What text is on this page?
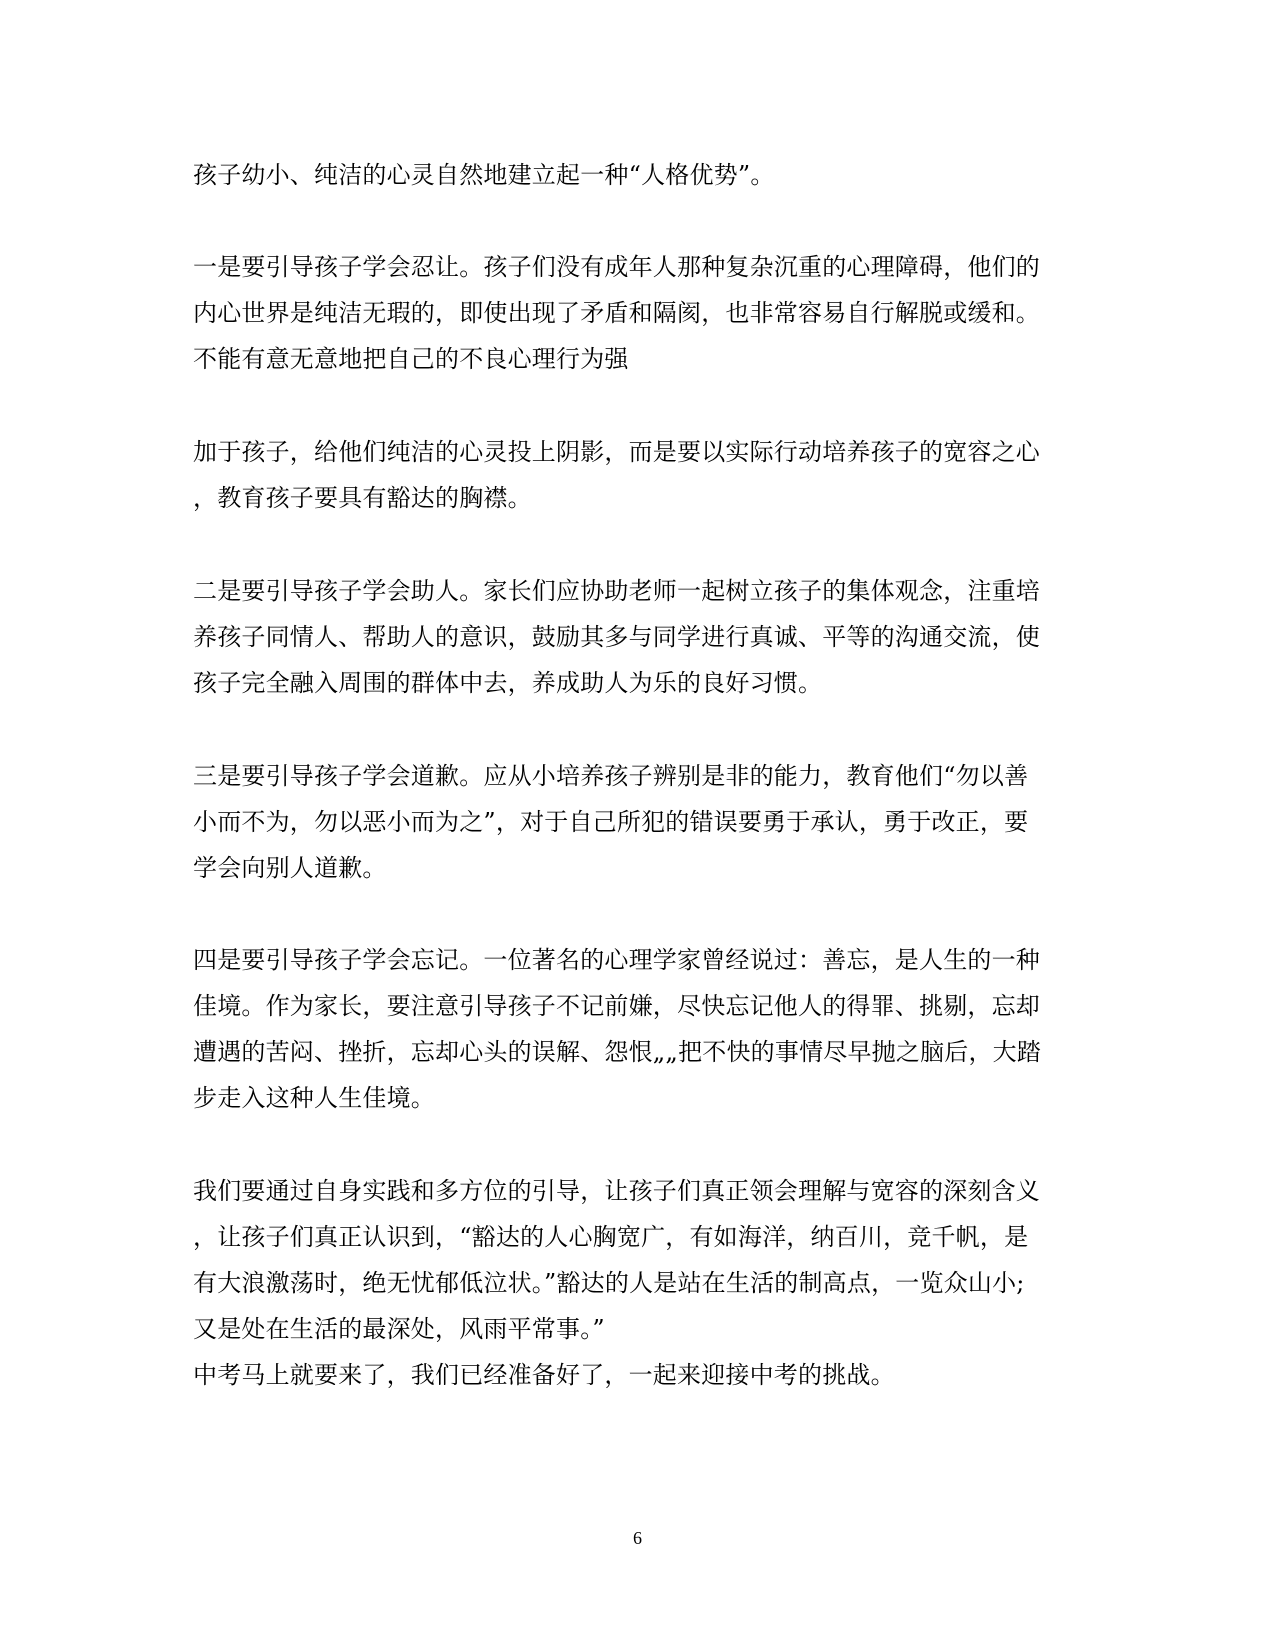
孩子幼小、纯洁的心灵自然地建立起一种“人格优势”。
一是要引导孩子学会忍让。孩子们没有成年人那种复杂沉重的心理障碍，他们的
内心世界是纯洁无瑕的，即使出现了矛盾和隔阂，也非常容易自行解脱或缓和。
不能有意无意地把自己的不良心理行为强
加于孩子，给他们纯洁的心灵投上阴影，而是要以实际行动培养孩子的宽容之心
，教育孩子要具有豁达的胸襟。
二是要引导孩子学会助人。家长们应协助老师一起树立孩子的集体观念，注重培
养孩子同情人、帮助人的意识，鼓励其多与同学进行真诚、平等的沟通交流，使
孩子完全融入周围的群体中去，养成助人为乐的良好习惯。
三是要引导孩子学会道歉。应从小培养孩子辨别是非的能力，教育他们“勿以善
小而不为，勿以恶小而为之”，对于自己所犯的错误要勇于承认，勇于改正，要
学会向别人道歉。
四是要引导孩子学会忘记。一位著名的心理学家曾经说过：善忘，是人生的一种
佳境。作为家长，要注意引导孩子不记前嫌，尽快忘记他人的得罪、挑剔，忘却
遭遇的苦闷、挫折，忘却心头的误解、怨恨„„把不快的事情尽早抛之脑后，大踏
步走入这种人生佳境。
我们要通过自身实践和多方位的引导，让孩子们真正领会理解与宽容的深刻含义
，让孩子们真正认识到，“豁达的人心胸宽广，有如海洋，纳百川，竞千帆，是
有大浪激荡时，绝无忧郁低泣状。”豁达的人是站在生活的制高点，一览众山小;
又是处在生活的最深处，风雨平常事。”
中考马上就要来了，我们已经准备好了，一起来迎接中考的挑战。
6
